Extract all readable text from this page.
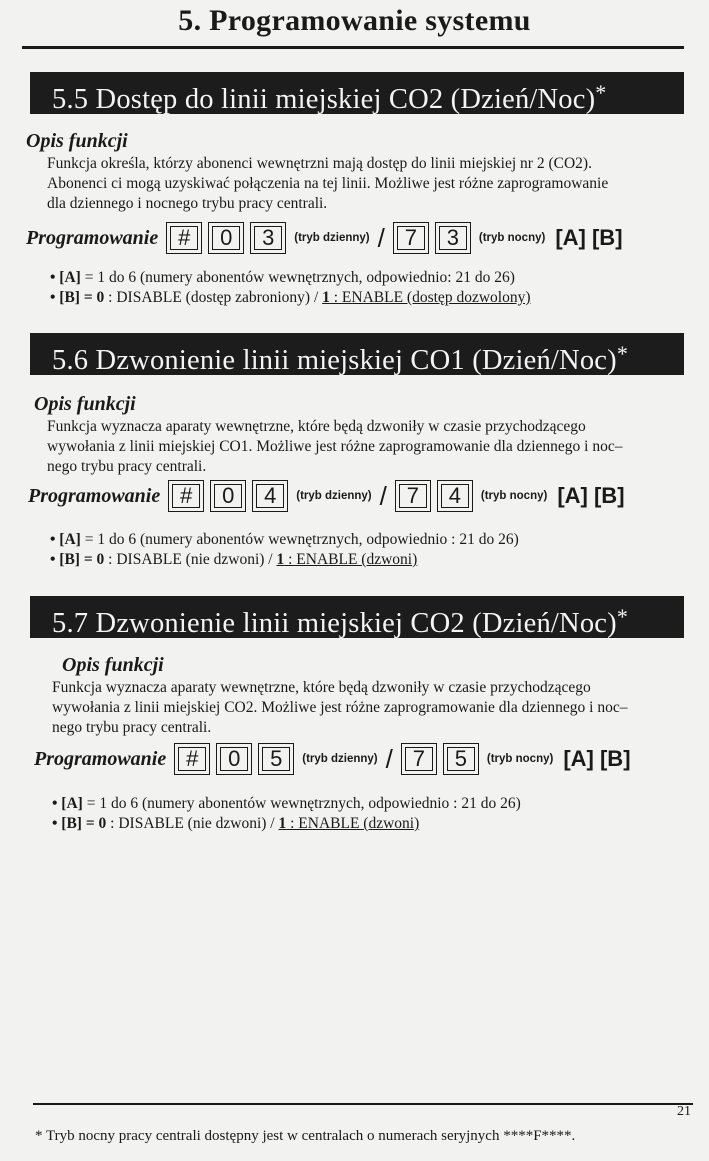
5. Programowanie systemu
5.5 Dostęp do linii miejskiej CO2 (Dzień/Noc)*
Opis funkcji
Funkcja określa, którzy abonenci wewnętrzni mają dostęp do linii miejskiej nr 2 (CO2).
Abonenci ci mogą uzyskiwać połączenia na tej linii. Możliwe jest różne zaprogramowanie
dla dziennego i nocnego trybu pracy centrali.
Programowanie #	0	3	(tryb dzienny) / 7	3	(tryb nocny) [A] [B]
• [A] = 1 do 6 (numery abonentów wewnętrznych, odpowiednio: 21 do 26)
• [B] = 0 : DISABLE (dostęp zabroniony) / 1 : ENABLE (dostęp dozwolony)
5.6 Dzwonienie linii miejskiej CO1 (Dzień/Noc)*
Opis funkcji
Funkcja wyznacza aparaty wewnętrzne, które będą dzwoniły w czasie przychodzącego
wywołania z linii miejskiej CO1. Możliwe jest różne zaprogramowanie dla dziennego i noc–
nego trybu pracy centrali.
Programowanie #	0	4	(tryb dzienny) / 7	4	(tryb nocny) [A] [B]
• [A] = 1 do 6 (numery abonentów wewnętrznych, odpowiednio : 21 do 26)
• [B] = 0 : DISABLE (nie dzwoni) / 1 : ENABLE (dzwoni)
5.7 Dzwonienie linii miejskiej CO2 (Dzień/Noc)*
Opis funkcji
Funkcja wyznacza aparaty wewnętrzne, które będą dzwoniły w czasie przychodzącego
wywołania z linii miejskiej CO2. Możliwe jest różne zaprogramowanie dla dziennego i noc–
nego trybu pracy centrali.
Programowanie #	0	5	(tryb dzienny) / 7	5	(tryb nocny) [A] [B]
• [A] = 1 do 6 (numery abonentów wewnętrznych, odpowiednio : 21 do 26)
• [B] = 0 : DISABLE (nie dzwoni) / 1 : ENABLE (dzwoni)
21
* Tryb nocny pracy centrali dostępny jest w centralach o numerach seryjnych ****F****.
